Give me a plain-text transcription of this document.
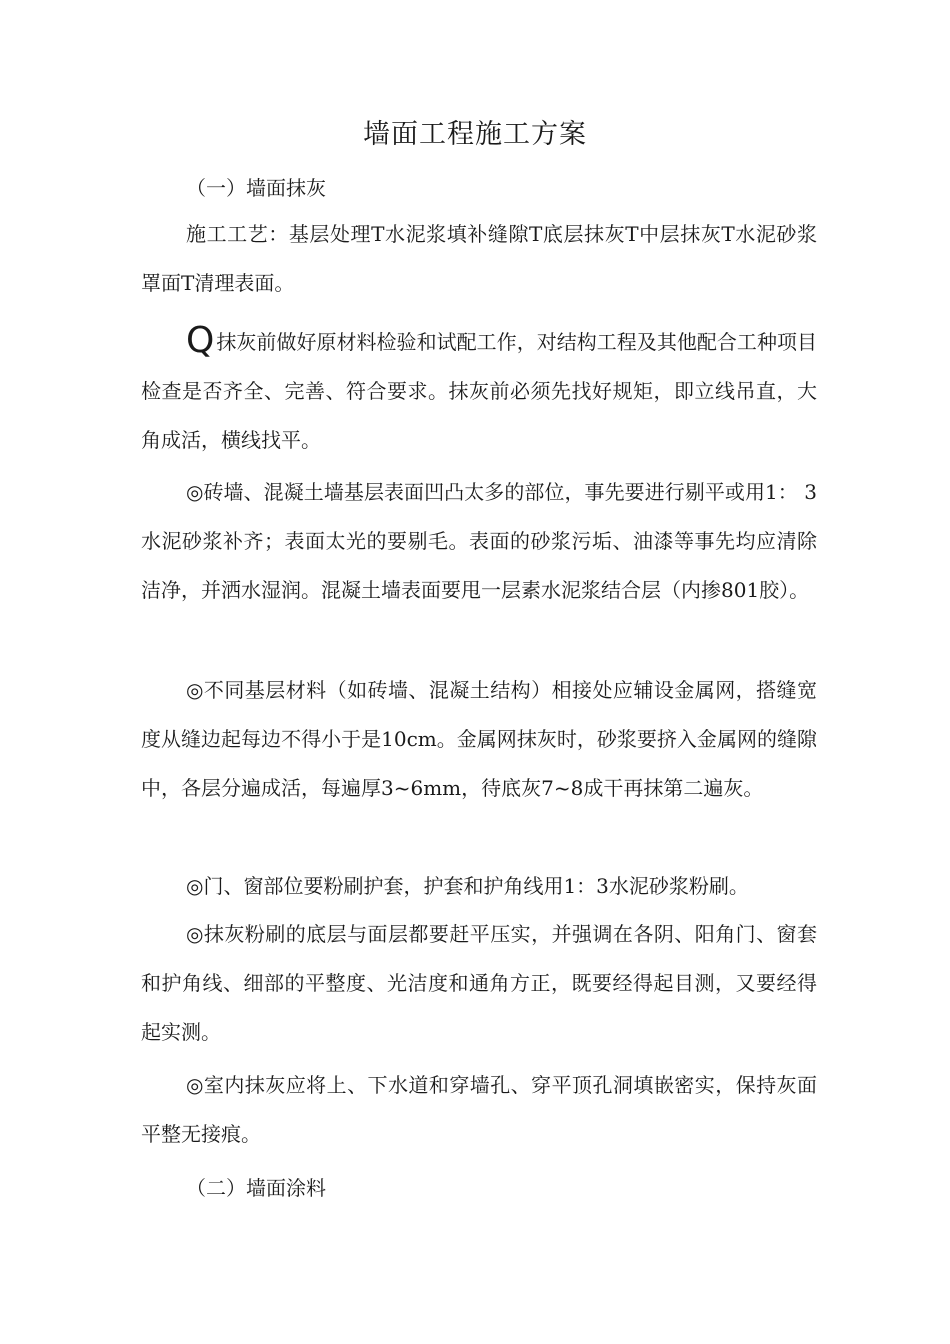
墙面工程施工方案
（一）墙面抹灰
施工工艺：基层处理T水泥浆填补缝隙T底层抹灰T中层抹灰T水泥砂浆罩面T清理表面。
Q抹灰前做好原材料检验和试配工作，对结构工程及其他配合工种项目检查是否齐全、完善、符合要求。抹灰前必须先找好规矩，即立线吊直，大角成活，横线找平。
◎砖墙、混凝土墙基层表面凹凸太多的部位，事先要进行剔平或用1： 3水泥砂浆补齐；表面太光的要剔毛。表面的砂浆污垢、油漆等事先均应清除洁净，并洒水湿润。混凝土墙表面要甩一层素水泥浆结合层（内掺801胶）。
◎不同基层材料（如砖墙、混凝土结构）相接处应辅设金属网，搭缝宽度从缝边起每边不得小于是10cm。金属网抹灰时，砂浆要挤入金属网的缝隙中，各层分遍成活，每遍厚3~6mm，待底灰7~8成干再抹第二遍灰。
◎门、窗部位要粉刷护套，护套和护角线用1：3水泥砂浆粉刷。
◎抹灰粉刷的底层与面层都要赶平压实，并强调在各阴、阳角门、窗套和护角线、细部的平整度、光洁度和通角方正，既要经得起目测，又要经得起实测。
◎室内抹灰应将上、下水道和穿墙孔、穿平顶孔洞填嵌密实，保持灰面平整无接痕。
（二）墙面涂料
